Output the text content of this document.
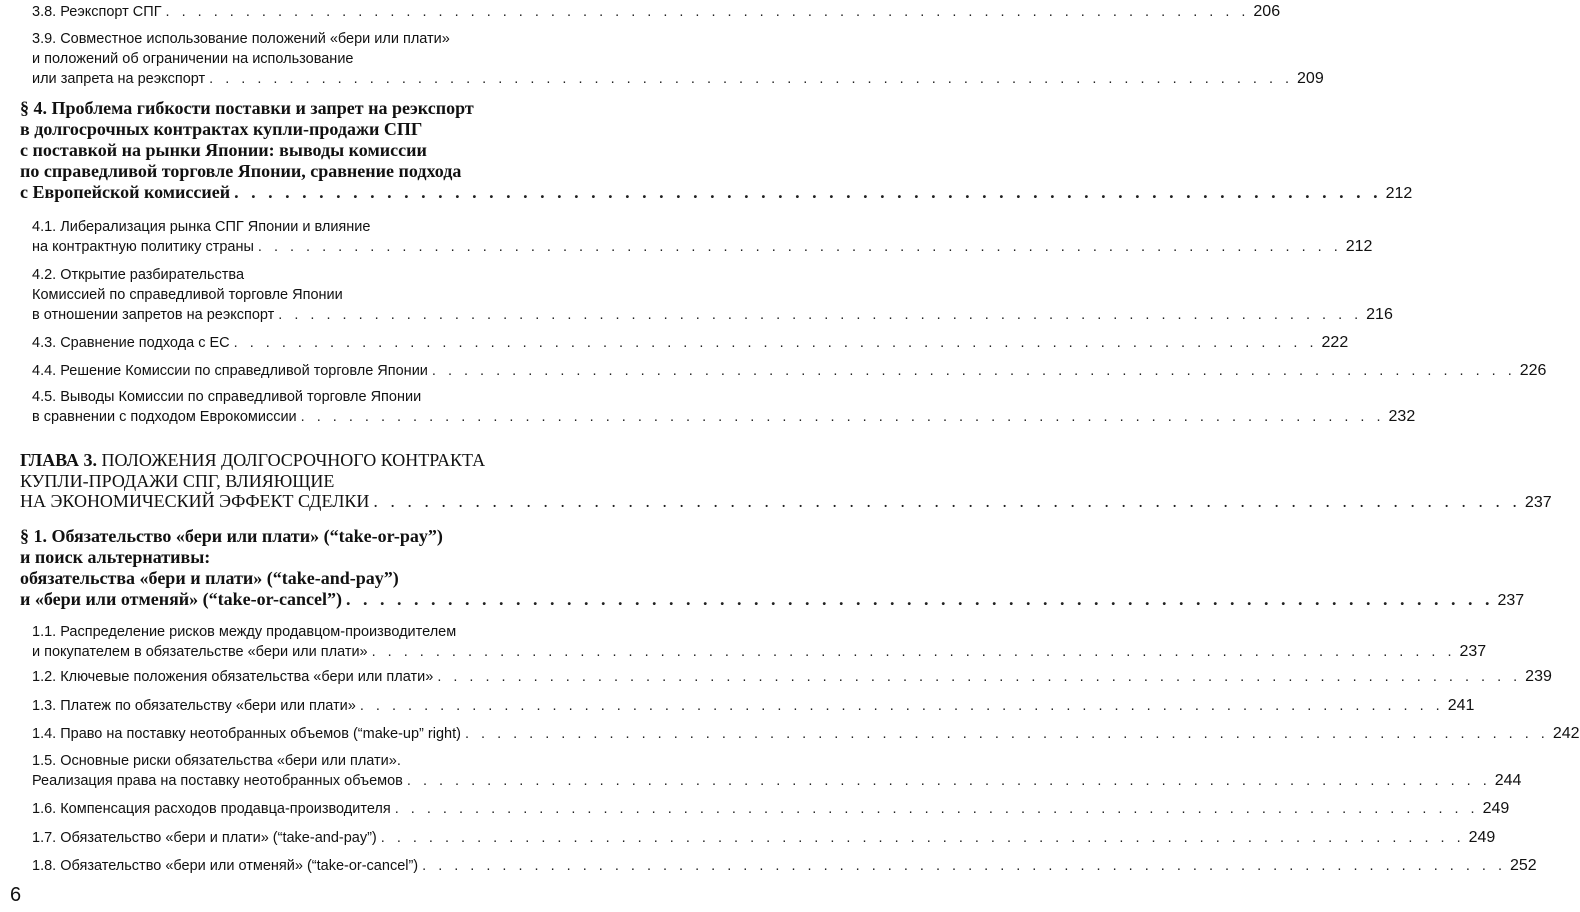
3.8. Реэкспорт СПГ . . . . . . . . . . . . . . . . . . . . . . . . . . . . . . . . . . . . . . . . . . . . . . . . . . . . . . . . . . . . . . . . . . . . 206
3.9. Совместное использование положений «бери или плати»
и положений об ограничении на использование
или запрета на реэкспорт . . . . . . . . . . . . . . . . . . . . . . . . . . . . . . . . . . . . . . . . . . . . . . . . . . . . . . . . . . . . . . . . . . . . 209
§ 4. Проблема гибкости поставки и запрет на реэкспорт
в долгосрочных контрактах купли-продажи СПГ
с поставкой на рынки Японии: выводы комиссии
по справедливой торговле Японии, сравнение подхода
с Европейской комиссией . . . . . . . . . . . . . . . . . . . . . . . . . . . . . . . . . . . . . . . . . . . . . . . . . . . . . . . . . . . . . . . . . . . . 212
4.1. Либерализация рынка СПГ Японии и влияние
на контрактную политику страны . . . . . . . . . . . . . . . . . . . . . . . . . . . . . . . . . . . . . . . . . . . . . . . . . . . . . . . . . . . . . . . . . . . . 212
4.2. Открытие разбирательства
Комиссией по справедливой торговле Японии
в отношении запретов на реэкспорт . . . . . . . . . . . . . . . . . . . . . . . . . . . . . . . . . . . . . . . . . . . . . . . . . . . . . . . . . . . . . . . . . . . . 216
4.3. Сравнение подхода с ЕС . . . . . . . . . . . . . . . . . . . . . . . . . . . . . . . . . . . . . . . . . . . . . . . . . . . . . . . . . . . . . . . . . . . . 222
4.4. Решение Комиссии по справедливой торговле Японии . . . . . . . . . . . . . . . . . . . . . . . . . . . . . . . . . . . . . . . . . . . . . . . . . . . . . . . . . . . . . . . . . . . . 226
4.5. Выводы Комиссии по справедливой торговле Японии
в сравнении с подходом Еврокомиссии . . . . . . . . . . . . . . . . . . . . . . . . . . . . . . . . . . . . . . . . . . . . . . . . . . . . . . . . . . . . . . . . . . . . 232
ГЛАВА 3. ПОЛОЖЕНИЯ ДОЛГОСРОЧНОГО КОНТРАКТА
КУПЛИ-ПРОДАЖИ СПГ, ВЛИЯЮЩИЕ
НА ЭКОНОМИЧЕСКИЙ ЭФФЕКТ СДЕЛКИ . . . . . . . . . . . . . . . . . . . . . . . . . . . . . . . . . . . . . . . . . . . . . . . . . . . . . . . . . . . . . . . . . . . . 237
§ 1. Обязательство «бери или плати» (“take-or-pay”)
и поиск альтернативы:
обязательства «бери и плати» (“take-and-pay”)
и «бери или отменяй» (“take-or-cancel”) . . . . . . . . . . . . . . . . . . . . . . . . . . . . . . . . . . . . . . . . . . . . . . . . . . . . . . . . . . . . . . . . . . . . 237
1.1. Распределение рисков между продавцом-производителем
и покупателем в обязательстве «бери или плати» . . . . . . . . . . . . . . . . . . . . . . . . . . . . . . . . . . . . . . . . . . . . . . . . . . . . . . . . . . . . . . . . . . . . 237
1.2. Ключевые положения обязательства «бери или плати» . . . . . . . . . . . . . . . . . . . . . . . . . . . . . . . . . . . . . . . . . . . . . . . . . . . . . . . . . . . . . . . . . . . . 239
1.3. Платеж по обязательству «бери или плати» . . . . . . . . . . . . . . . . . . . . . . . . . . . . . . . . . . . . . . . . . . . . . . . . . . . . . . . . . . . . . . . . . . . . 241
1.4. Право на поставку неотобранных объемов (“make-up” right) . . . . . . . . . . . . . . . . . . . . . . . . . . . . . . . . . . . . . . . . . . . . . . . . . . . . . . . . . . . . . . . . . . . . 242
1.5. Основные риски обязательства «бери или плати».
Реализация права на поставку неотобранных объемов . . . . . . . . . . . . . . . . . . . . . . . . . . . . . . . . . . . . . . . . . . . . . . . . . . . . . . . . . . . . . . . . . . . . 244
1.6. Компенсация расходов продавца-производителя . . . . . . . . . . . . . . . . . . . . . . . . . . . . . . . . . . . . . . . . . . . . . . . . . . . . . . . . . . . . . . . . . . . . 249
1.7. Обязательство «бери и плати» (“take-and-pay”) . . . . . . . . . . . . . . . . . . . . . . . . . . . . . . . . . . . . . . . . . . . . . . . . . . . . . . . . . . . . . . . . . . . . 249
1.8. Обязательство «бери или отменяй» (“take-or-cancel”) . . . . . . . . . . . . . . . . . . . . . . . . . . . . . . . . . . . . . . . . . . . . . . . . . . . . . . . . . . . . . . . . . . . . 252
6
